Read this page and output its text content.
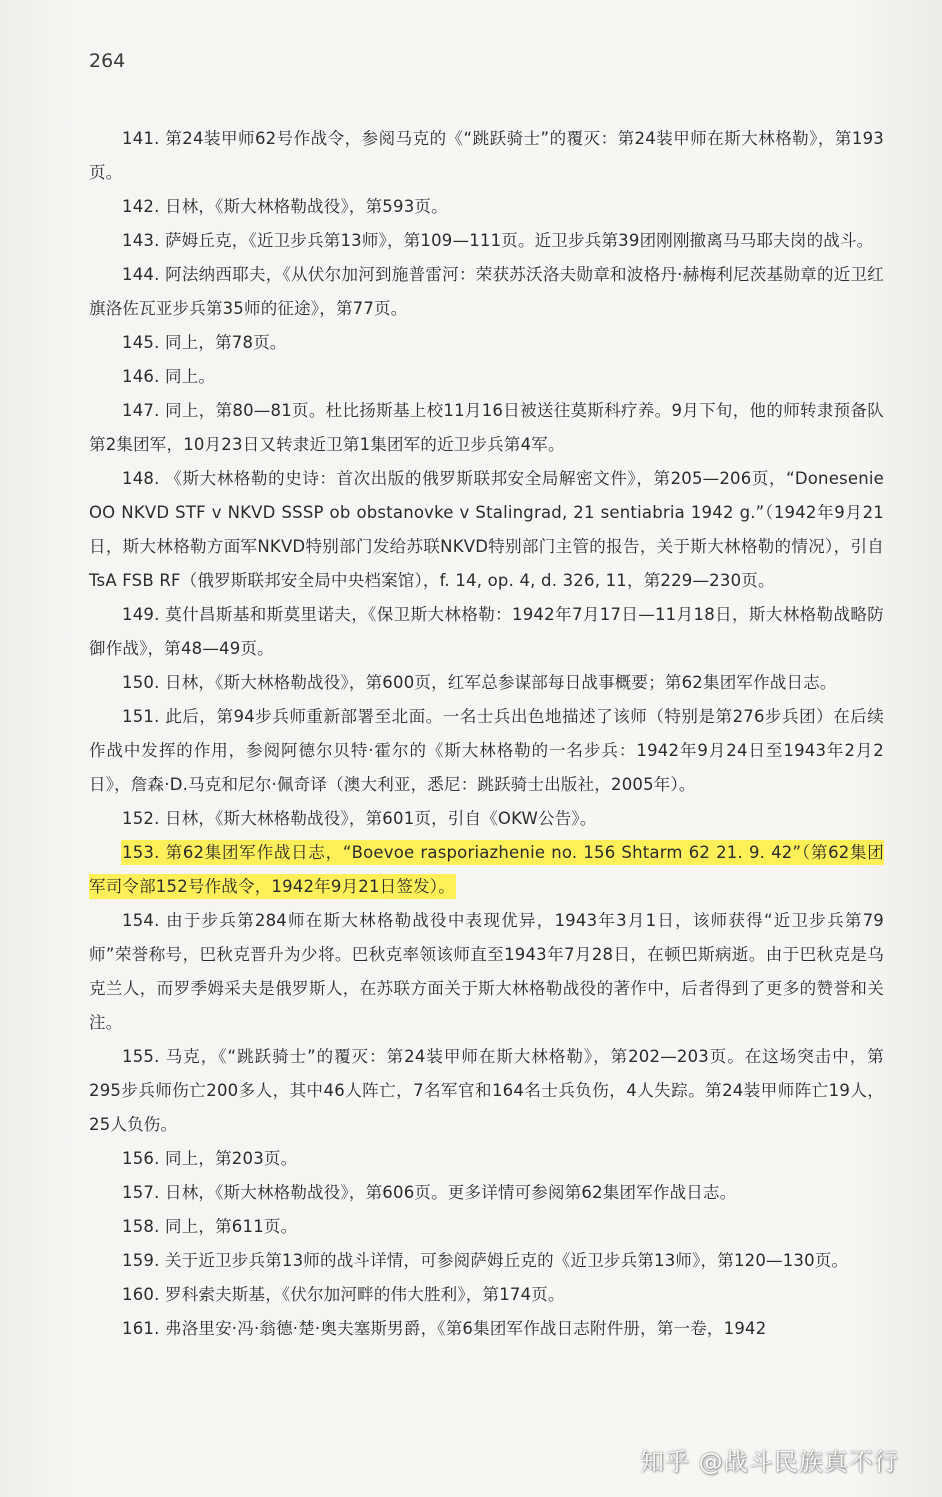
264

141. 第24装甲师62号作战令，参阅马克的《“跳跃骑士”的覆灭：第24装甲师在斯大林格勒》，第193页。

142. 日林，《斯大林格勒战役》，第593页。

143. 萨姆丘克，《近卫步兵第13师》，第109—111页。近卫步兵第39团刚刚撤离马马耶夫岗的战斗。

144. 阿法纳西耶夫，《从伏尔加河到施普雷河：荣获苏沃洛夫勋章和波格丹·赫梅利尼茨基勋章的近卫红旗洛佐瓦亚步兵第35师的征途》，第77页。

145. 同上，第78页。

146. 同上。

147. 同上，第80—81页。杜比扬斯基上校11月16日被送往莫斯科疗养。9月下旬，他的师转隶预备队第2集团军，10月23日又转隶近卫第1集团军的近卫步兵第4军。

148. 《斯大林格勒的史诗：首次出版的俄罗斯联邦安全局解密文件》，第205—206页，“Donesenie OO NKVD STF v NKVD SSSP ob obstanovke v Stalingrad, 21 sentiabria 1942 g.”（1942年9月21日，斯大林格勒方面军NKVD特别部门发给苏联NKVD特别部门主管的报告，关于斯大林格勒的情况），引自TsA FSB RF（俄罗斯联邦安全局中央档案馆），f. 14, op. 4, d. 326, 11，第229—230页。

149. 莫什昌斯基和斯莫里诺夫，《保卫斯大林格勒：1942年7月17日—11月18日，斯大林格勒战略防御作战》，第48—49页。

150. 日林，《斯大林格勒战役》，第600页，红军总参谋部每日战事概要；第62集团军作战日志。

151. 此后，第94步兵师重新部署至北面。一名士兵出色地描述了该师（特别是第276步兵团）在后续作战中发挥的作用，参阅阿德尔贝特·霍尔的《斯大林格勒的一名步兵：1942年9月24日至1943年2月2日》，詹森·D.马克和尼尔·佩奇译（澳大利亚，悉尼：跳跃骑士出版社，2005年）。

152. 日林，《斯大林格勒战役》，第601页，引自《OKW公告》。

153. 第62集团军作战日志，“Boevoe rasporiazhenie no. 156 Shtarm 62 21. 9. 42”（第62集团军司令部152号作战令，1942年9月21日签发）。

154. 由于步兵第284师在斯大林格勒战役中表现优异，1943年3月1日，该师获得“近卫步兵第79师”荣誉称号，巴秋克晋升为少将。巴秋克率领该师直至1943年7月28日，在顿巴斯病逝。由于巴秋克是乌克兰人，而罗季姆采夫是俄罗斯人，在苏联方面关于斯大林格勒战役的著作中，后者得到了更多的赞誉和关注。

155. 马克，《“跳跃骑士”的覆灭：第24装甲师在斯大林格勒》，第202—203页。在这场突击中，第295步兵师伤亡200多人，其中46人阵亡，7名军官和164名士兵负伤，4人失踪。第24装甲师阵亡19人，25人负伤。

156. 同上，第203页。

157. 日林，《斯大林格勒战役》，第606页。更多详情可参阅第62集团军作战日志。

158. 同上，第611页。

159. 关于近卫步兵第13师的战斗详情，可参阅萨姆丘克的《近卫步兵第13师》，第120—130页。

160. 罗科索夫斯基，《伏尔加河畔的伟大胜利》，第174页。

161. 弗洛里安·冯·翁德·楚·奥夫塞斯男爵，《第6集团军作战日志附件册，第一卷，1942

知乎 @战斗民族真不行
